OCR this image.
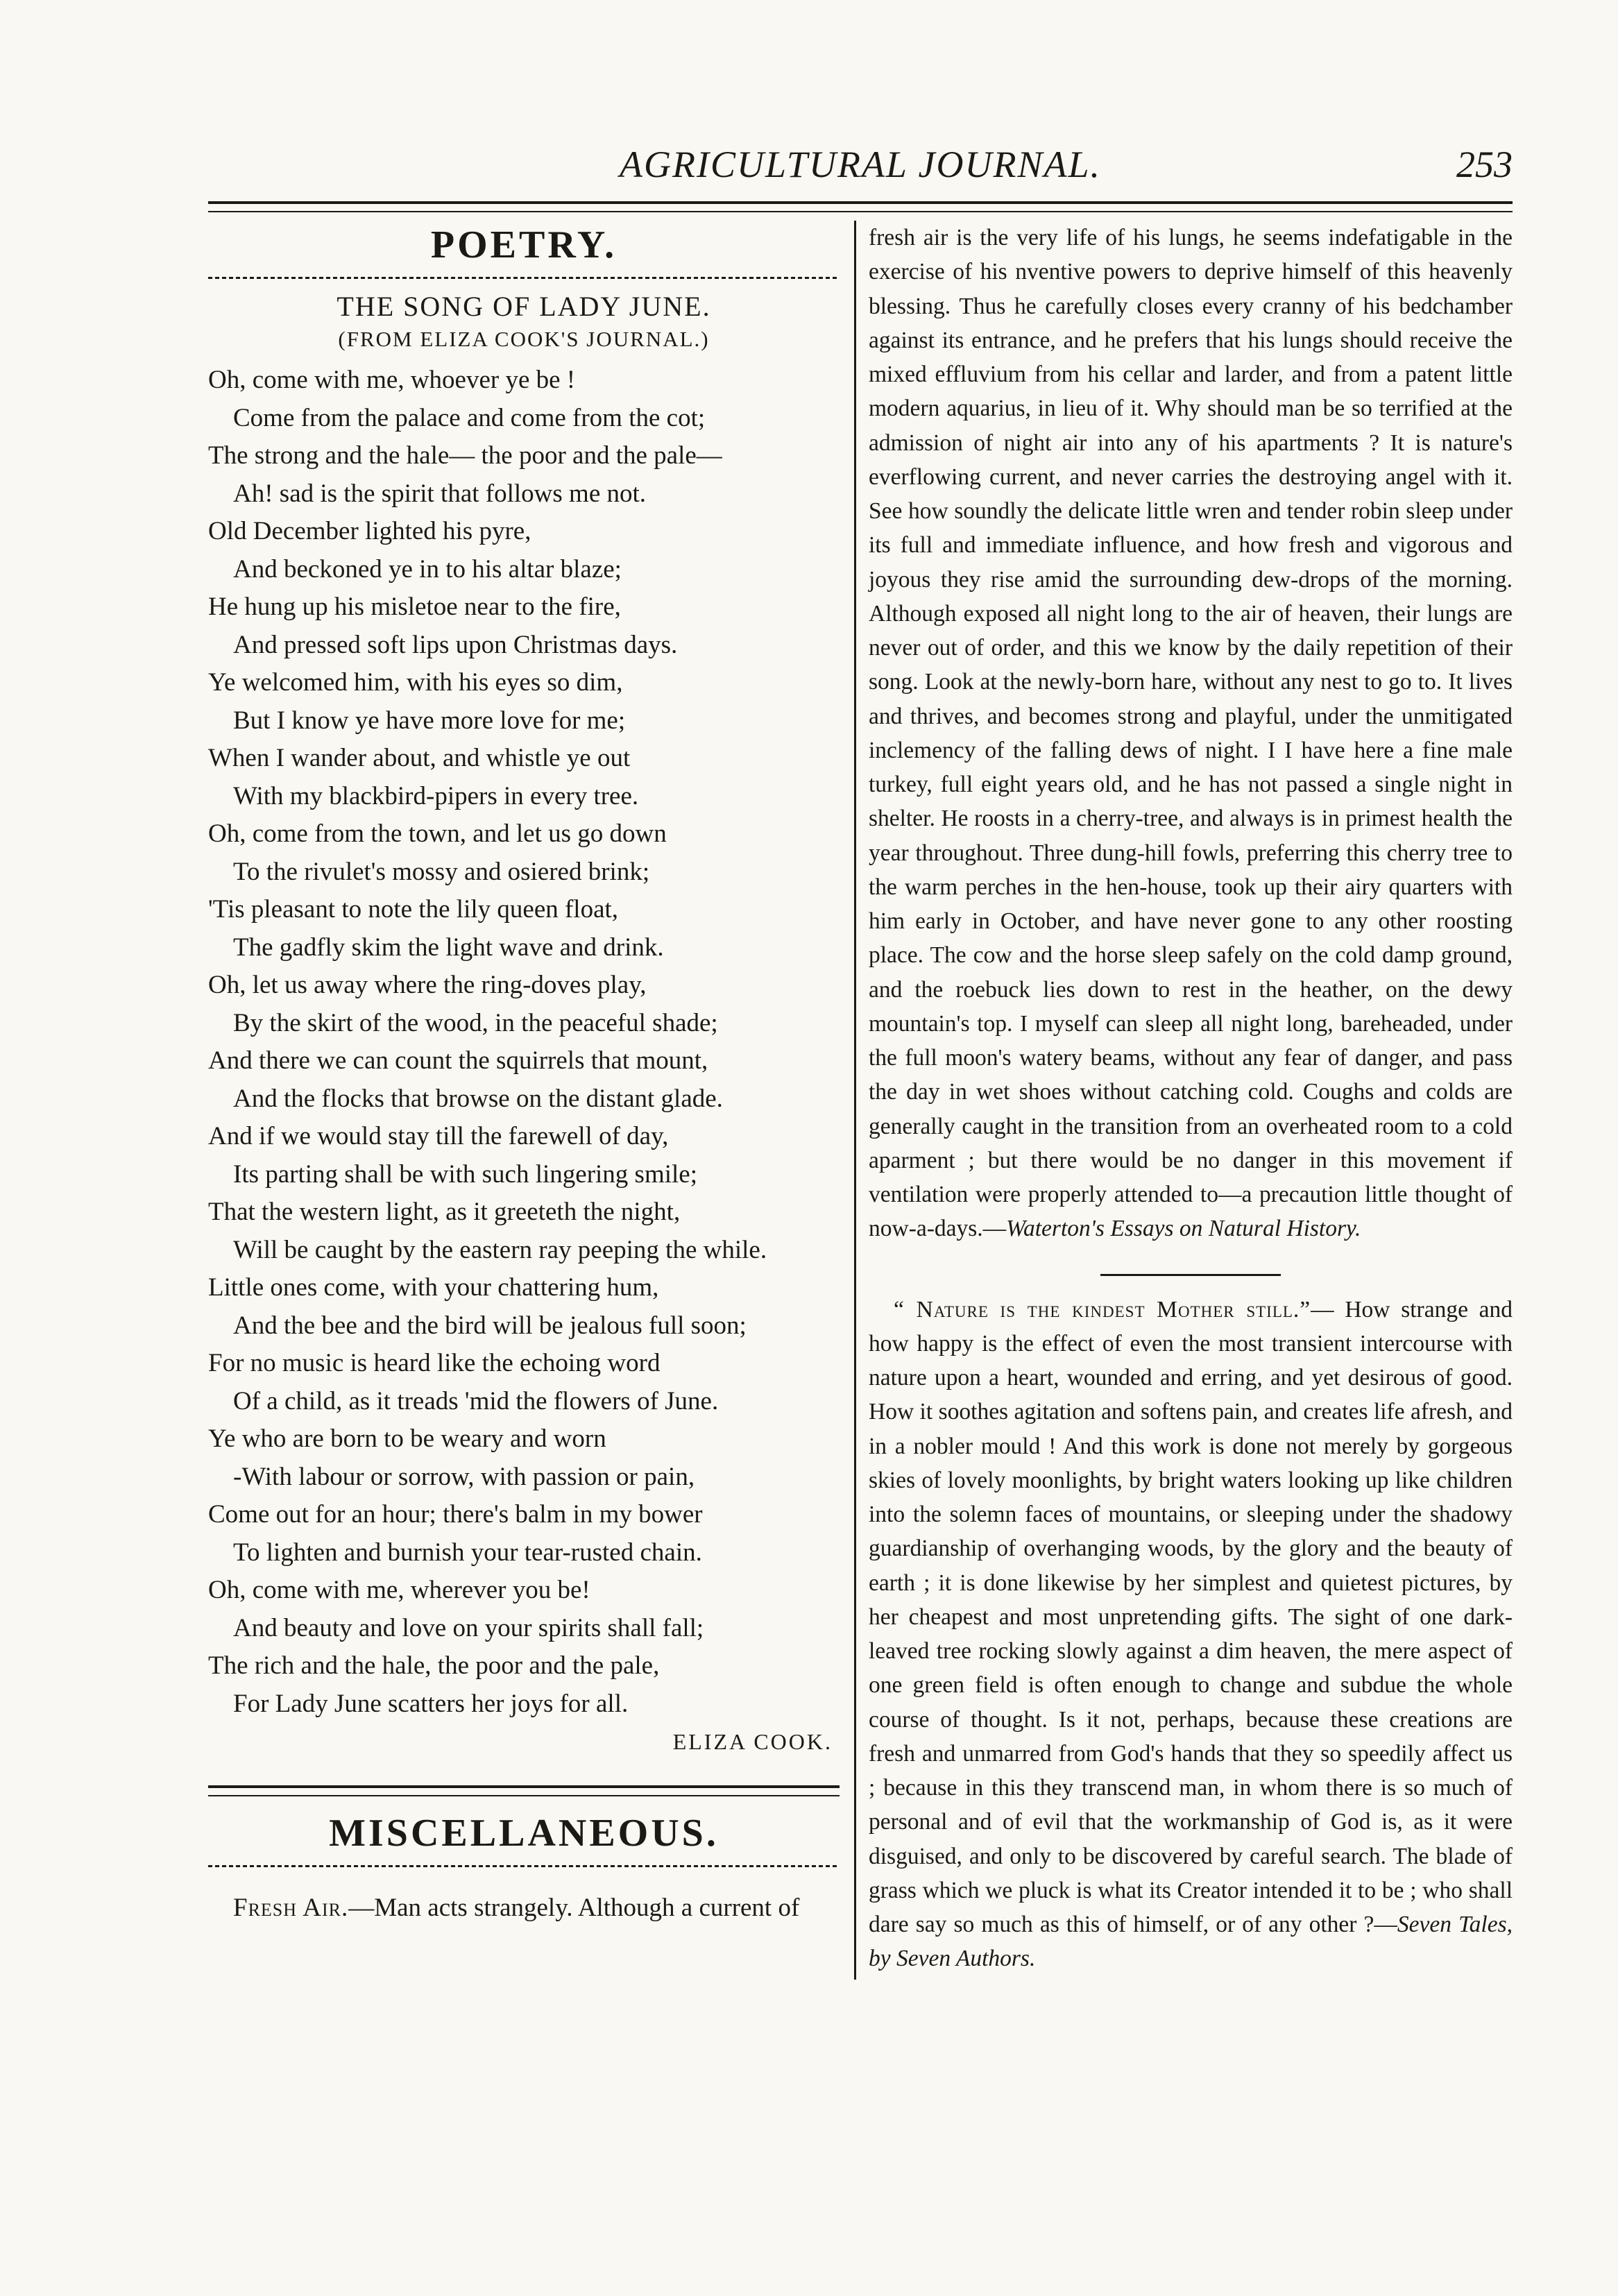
AGRICULTURAL JOURNAL.	253
POETRY.
THE SONG OF LADY JUNE.
(FROM ELIZA COOK'S JOURNAL.)
Oh, come with me, whoever ye be !
Come from the palace and come from the cot;
The strong and the hale— the poor and the pale—
Ah! sad is the spirit that follows me not.
Old December lighted his pyre,
And beckoned ye in to his altar blaze;
He hung up his misletoe near to the fire,
And pressed soft lips upon Christmas days.
Ye welcomed him, with his eyes so dim,
But I know ye have more love for me;
When I wander about, and whistle ye out
With my blackbird-pipers in every tree.
Oh, come from the town, and let us go down
To the rivulet's mossy and osiered brink;
'Tis pleasant to note the lily queen float,
The gadfly skim the light wave and drink.
Oh, let us away where the ring-doves play,
By the skirt of the wood, in the peaceful shade;
And there we can count the squirrels that mount,
And the flocks that browse on the distant glade.
And if we would stay till the farewell of day,
Its parting shall be with such lingering smile;
That the western light, as it greeteth the night,
Will be caught by the eastern ray peeping the while.
Little ones come, with your chattering hum,
And the bee and the bird will be jealous full soon;
For no music is heard like the echoing word
Of a child, as it treads 'mid the flowers of June.
Ye who are born to be weary and worn
-With labour or sorrow, with passion or pain,
Come out for an hour; there's balm in my bower
To lighten and burnish your tear-rusted chain.
Oh, come with me, wherever you be!
And beauty and love on your spirits shall fall;
The rich and the hale, the poor and the pale,
For Lady June scatters her joys for all.
ELIZA COOK.
MISCELLANEOUS.

Fresh Air.—Man acts strangely. Although a current of

fresh air is the very life of his lungs, he seems indefatigable in the exercise of his nventive powers to deprive himself of this heavenly blessing. Thus he carefully closes every cranny of his bedchamber against its entrance, and he prefers that his lungs should receive the mixed effluvium from his cellar and larder, and from a patent little modern aquarius, in lieu of it. Why should man be so terrified at the admission of night air into any of his apartments ? It is nature's everflowing current, and never carries the destroying angel with it. See how soundly the delicate little wren and tender robin sleep under its full and immediate influence, and how fresh and vigorous and joyous they rise amid the surrounding dew-drops of the morning. Although exposed all night long to the air of heaven, their lungs are never out of order, and this we know by the daily repetition of their song. Look at the newly-born hare, without any nest to go to. It lives and thrives, and becomes strong and playful, under the unmitigated inclemency of the falling dews of night. I I have here a fine male turkey, full eight years old, and he has not passed a single night in shelter. He roosts in a cherry-tree, and always is in primest health the year throughout. Three dung-hill fowls, preferring this cherry tree to the warm perches in the hen-house, took up their airy quarters with him early in October, and have never gone to any other roosting place. The cow and the horse sleep safely on the cold damp ground, and the roebuck lies down to rest in the heather, on the dewy mountain's top. I myself can sleep all night long, bareheaded, under the full moon's watery beams, without any fear of danger, and pass the day in wet shoes without catching cold. Coughs and colds are generally caught in the transition from an overheated room to a cold aparment ; but there would be no danger in this movement if ventilation were properly attended to—a precaution little thought of now-a-days.—Waterton's Essays on Natural History.

“ Nature is the kindest Mother still.”— How strange and how happy is the effect of even the most transient intercourse with nature upon a heart, wounded and erring, and yet desirous of good. How it soothes agitation and softens pain, and creates life afresh, and in a nobler mould ! And this work is done not merely by gorgeous skies of lovely moonlights, by bright waters looking up like children into the solemn faces of mountains, or sleeping under the shadowy guardianship of overhanging woods, by the glory and the beauty of earth ; it is done likewise by her simplest and quietest pictures, by her cheapest and most unpretending gifts. The sight of one dark-leaved tree rocking slowly against a dim heaven, the mere aspect of one green field is often enough to change and subdue the whole course of thought. Is it not, perhaps, because these creations are fresh and unmarred from God's hands that they so speedily affect us ; because in this they transcend man, in whom there is so much of personal and of evil that the workmanship of God is, as it were disguised, and only to be discovered by careful search. The blade of grass which we pluck is what its Creator intended it to be ; who shall dare say so much as this of himself, or of any other ?—Seven Tales, by Seven Authors.
